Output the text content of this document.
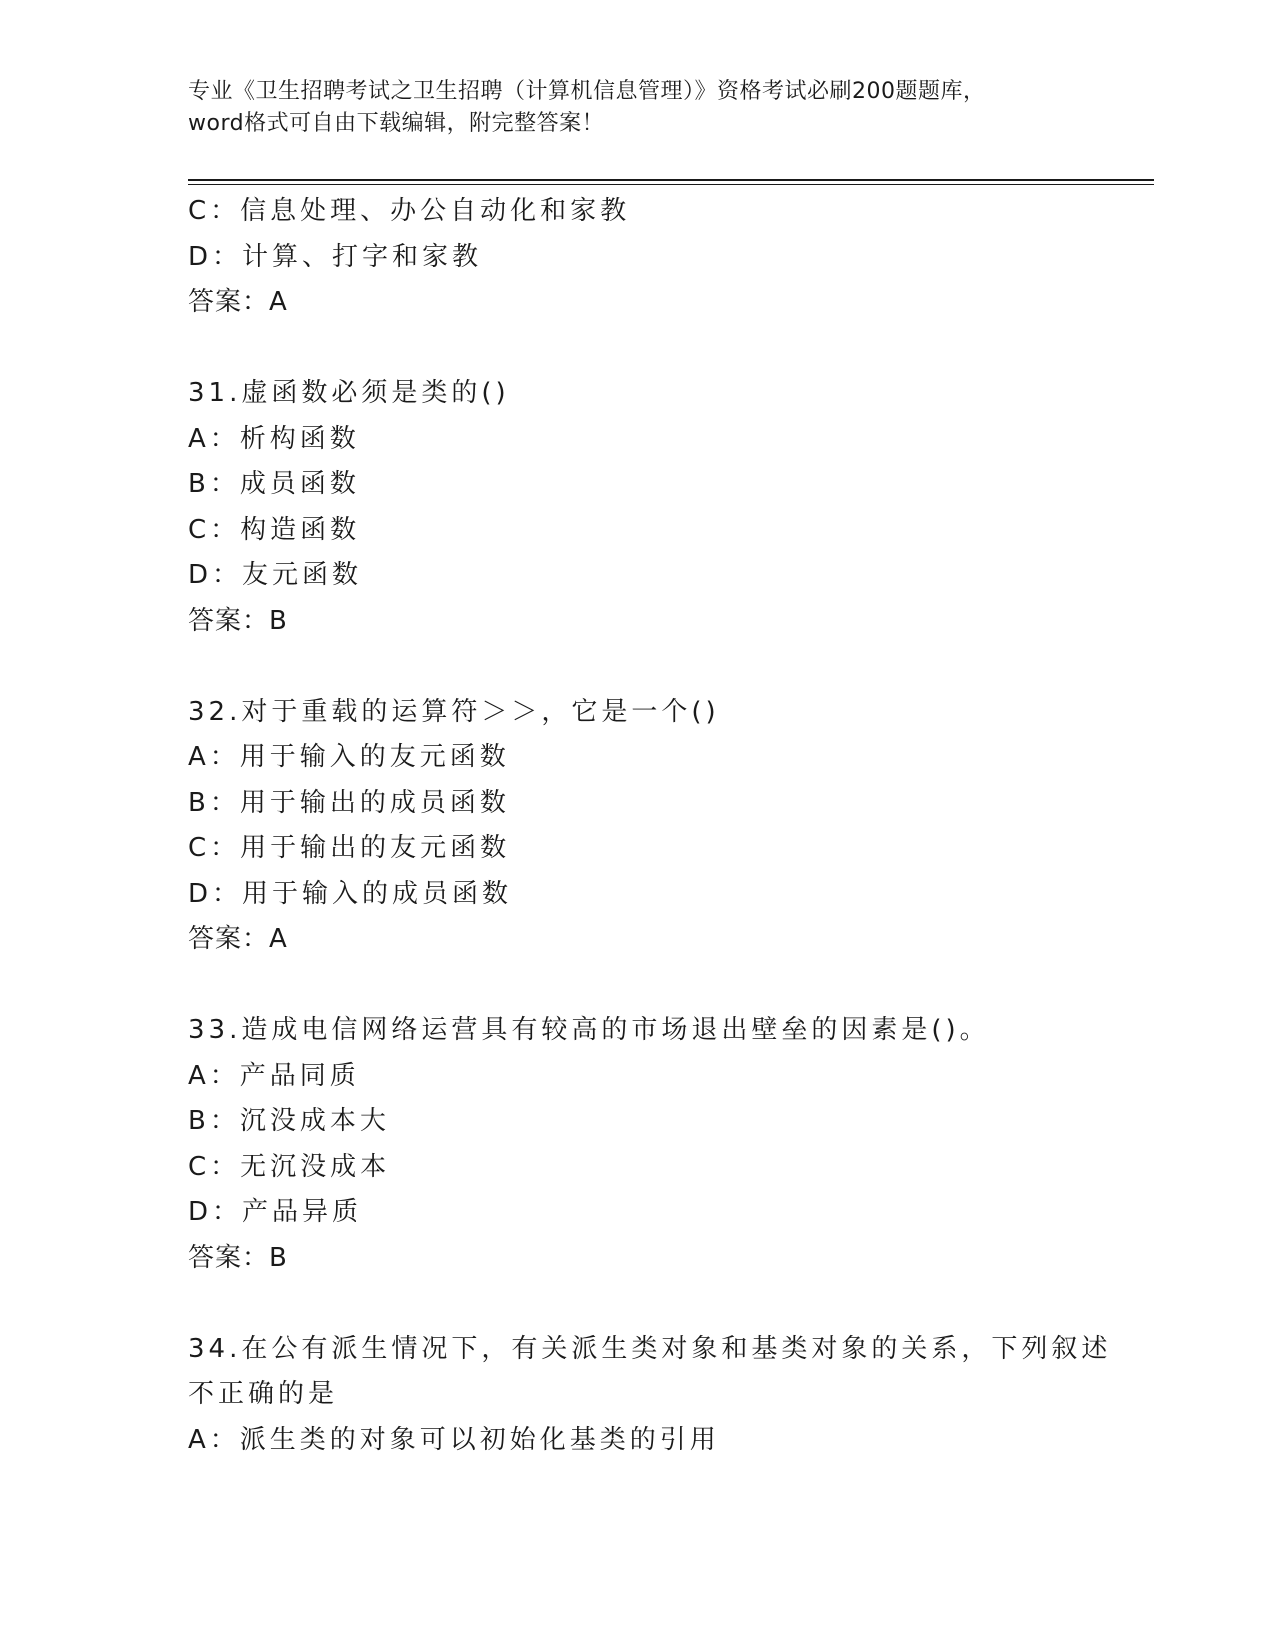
专业《卫生招聘考试之卫生招聘（计算机信息管理）》资格考试必刷200题题库，
word格式可自由下载编辑，附完整答案！
C：信息处理、办公自动化和家教
D：计算、打字和家教
答案：A
31.虚函数必须是类的()
A：析构函数
B：成员函数
C：构造函数
D：友元函数
答案：B
32.对于重载的运算符＞＞，它是一个()
A：用于输入的友元函数
B：用于输出的成员函数
C：用于输出的友元函数
D：用于输入的成员函数
答案：A
33.造成电信网络运营具有较高的市场退出壁垒的因素是()。
A：产品同质
B：沉没成本大
C：无沉没成本
D：产品异质
答案：B
34.在公有派生情况下，有关派生类对象和基类对象的关系，下列叙述
不正确的是
A：派生类的对象可以初始化基类的引用
